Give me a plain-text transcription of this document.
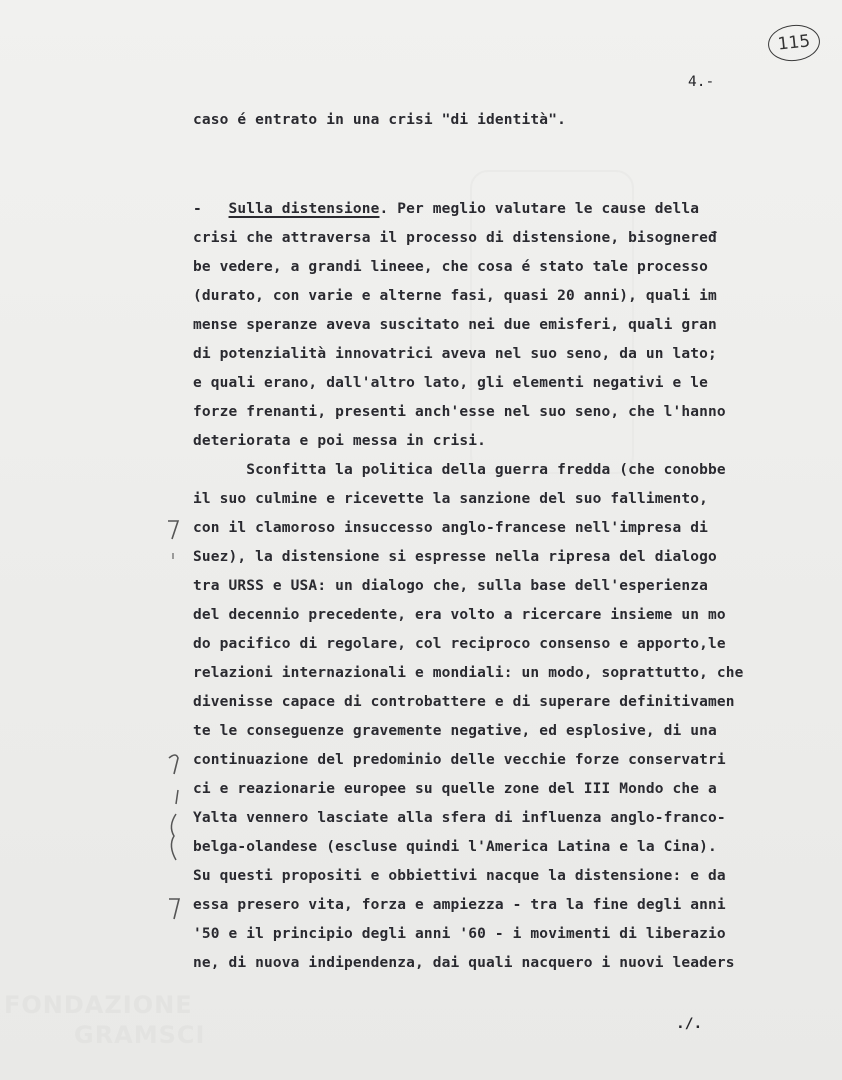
FONDAZIONE
GRAMSCI
115
4.-
caso é entrato in una crisi "di identità".
-   Sulla distensione. Per meglio valutare le cause della
crisi che attraversa il processo di distensione, bisogneređ
be vedere, a grandi lineee, che cosa é stato tale processo
(durato, con varie e alterne fasi, quasi 20 anni), quali im
mense speranze aveva suscitato nei due emisferi, quali gran
di potenzialità innovatrici aveva nel suo seno, da un lato;
e quali erano, dall'altro lato, gli elementi negativi e le
forze frenanti, presenti anch'esse nel suo seno, che l'hanno
deteriorata e poi messa in crisi.
Sconfitta la politica della guerra fredda (che conobbe
il suo culmine e ricevette la sanzione del suo fallimento,
con il clamoroso insuccesso anglo-francese nell'impresa di
Suez), la distensione si espresse nella ripresa del dialogo
tra URSS e USA: un dialogo che, sulla base dell'esperienza
del decennio precedente, era volto a ricercare insieme un mo
do pacifico di regolare, col reciproco consenso e apporto,le
relazioni internazionali e mondiali: un modo, soprattutto, che
divenisse capace di controbattere e di superare definitivamen
te le conseguenze gravemente negative, ed esplosive, di una
continuazione del predominio delle vecchie forze conservatri
ci e reazionarie europee su quelle zone del III Mondo che a
Yalta vennero lasciate alla sfera di influenza anglo-franco-
belga-olandese (escluse quindi l'America Latina e la Cina).
Su questi propositi e obbiettivi nacque la distensione: e da
essa presero vita, forza e ampiezza - tra la fine degli anni
'50 e il principio degli anni '60 - i movimenti di liberazio
ne, di nuova indipendenza, dai quali nacquero i nuovi leaders
./.
